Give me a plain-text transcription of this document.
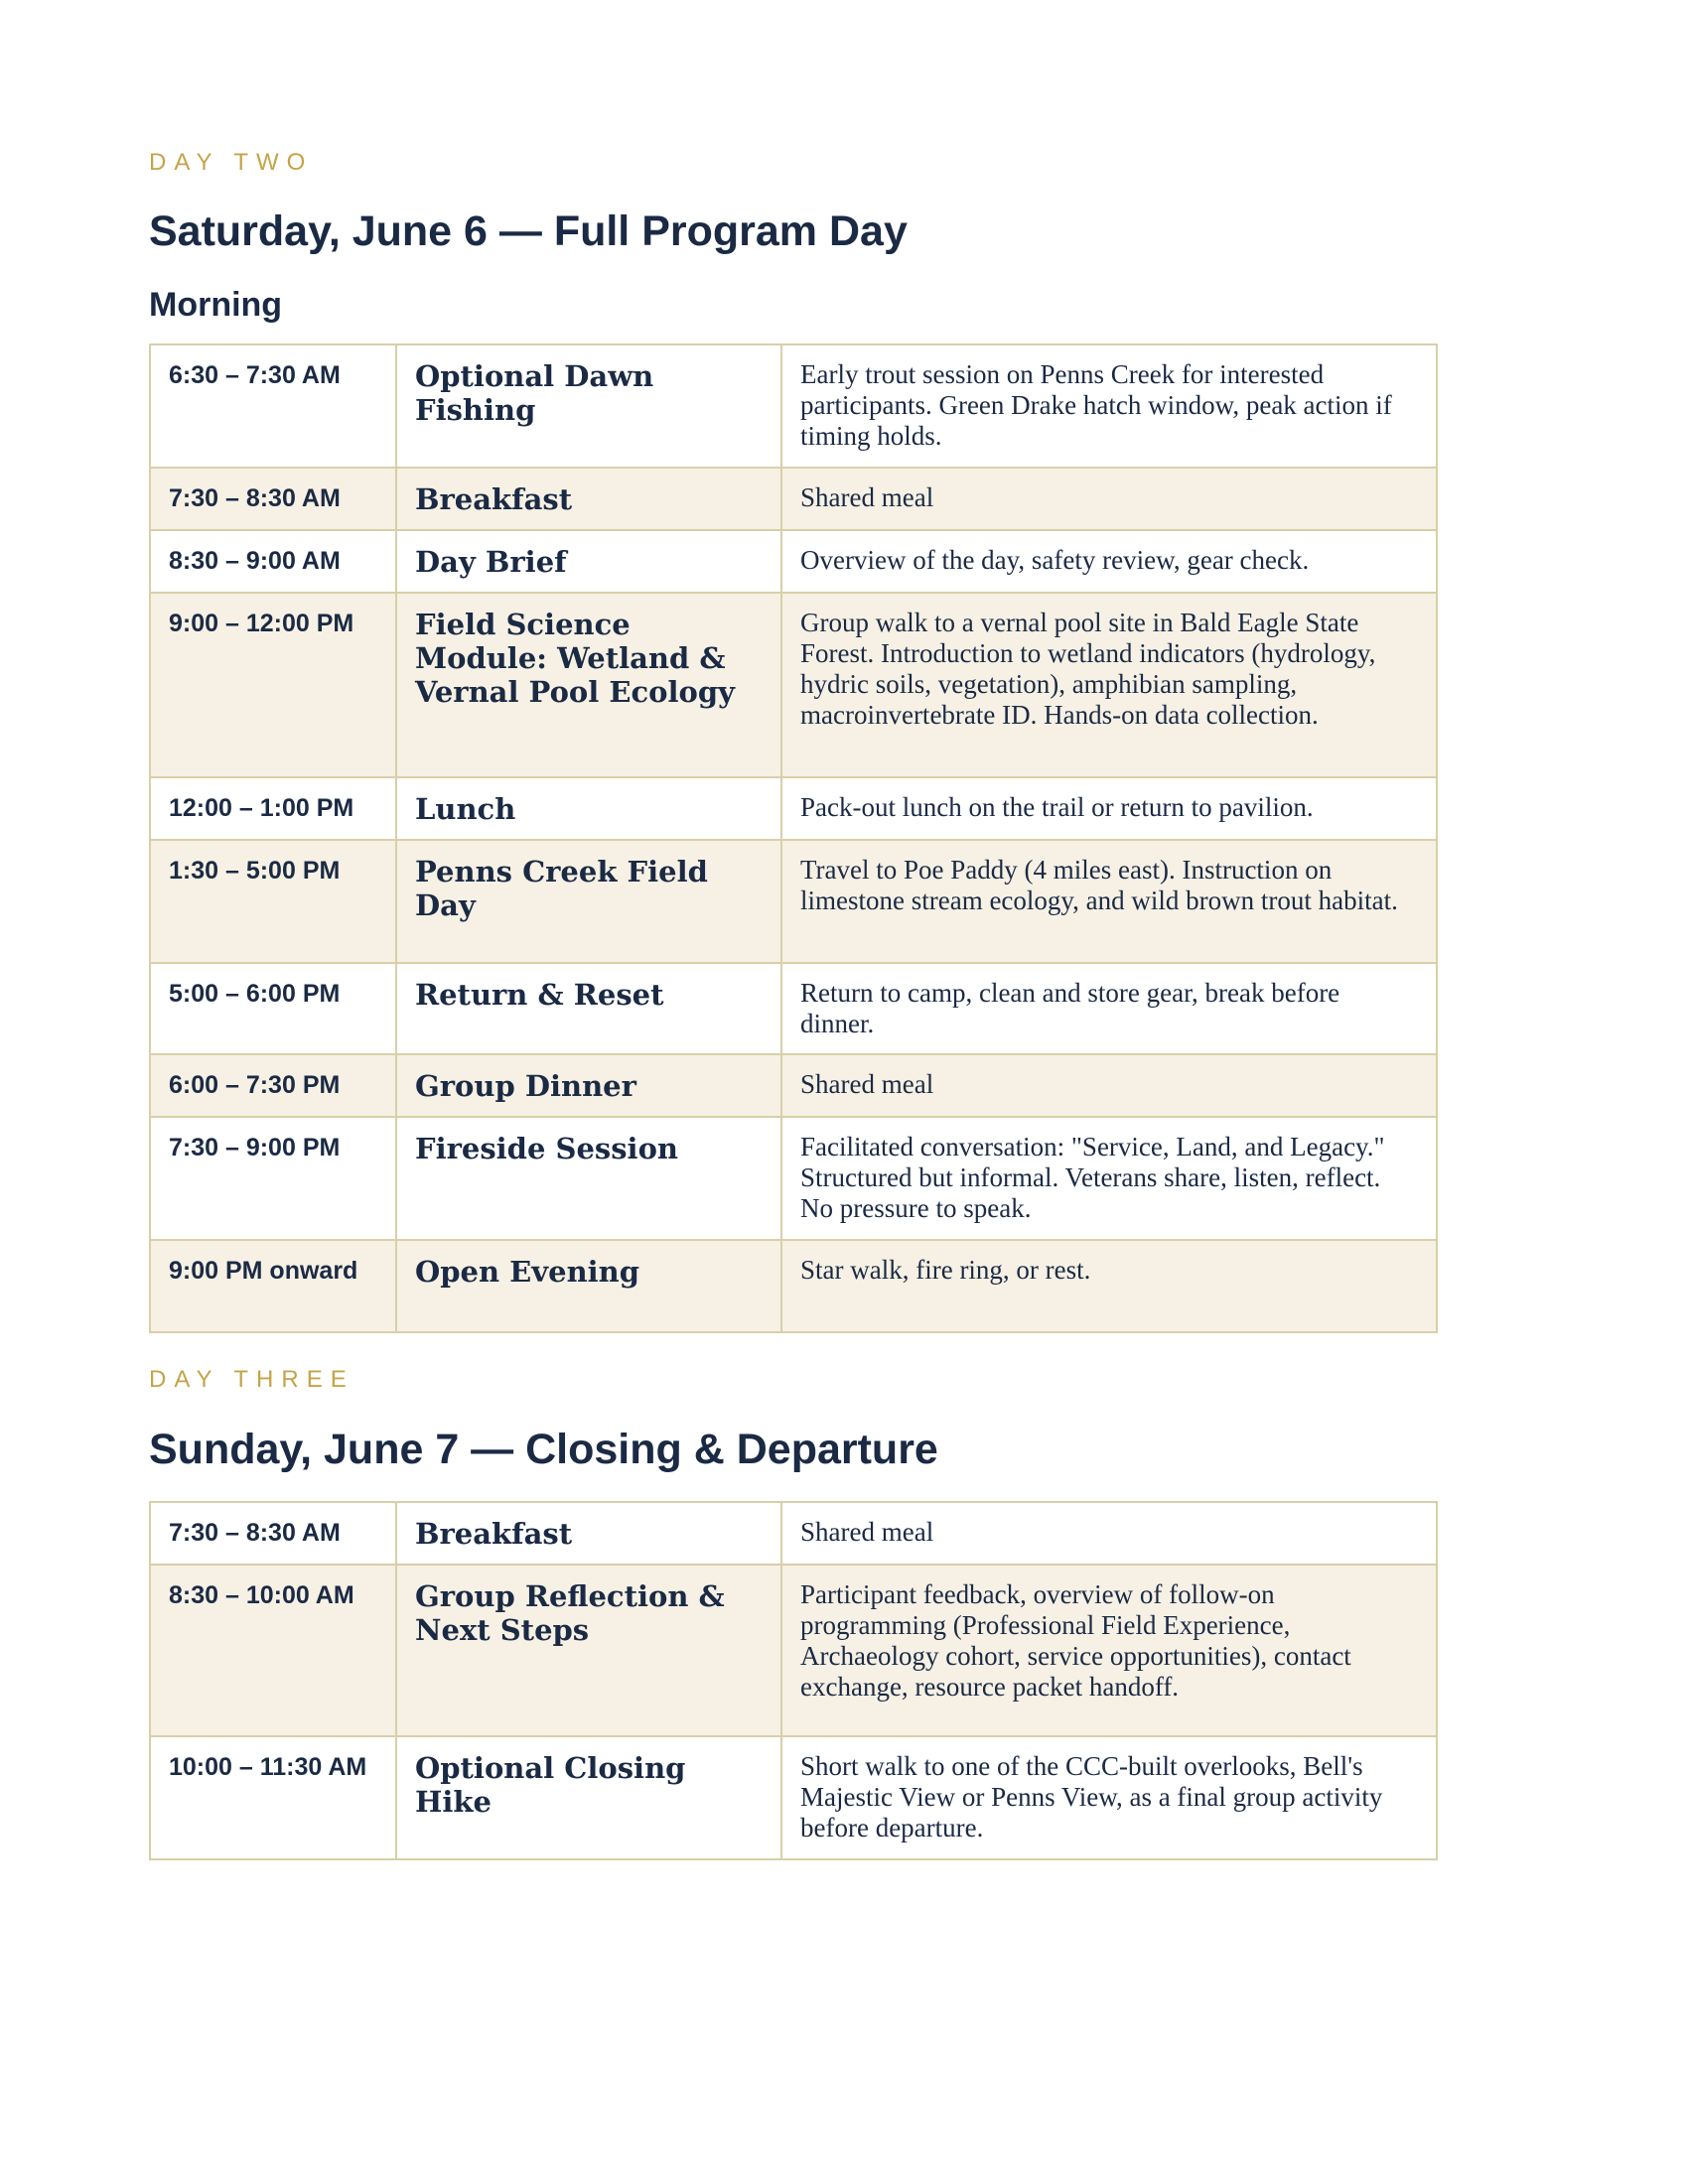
DAY TWO
Saturday, June 6 — Full Program Day
Morning
6:30 – 7:30 AM	Optional Dawn Fishing	Early trout session on Penns Creek for interested participants. Green Drake hatch window, peak action if timing holds.
7:30 – 8:30 AM	Breakfast	Shared meal
8:30 – 9:00 AM	Day Brief	Overview of the day, safety review, gear check.
9:00 – 12:00 PM	Field Science Module: Wetland & Vernal Pool Ecology	Group walk to a vernal pool site in Bald Eagle State Forest. Introduction to wetland indicators (hydrology, hydric soils, vegetation), amphibian sampling, macroinvertebrate ID. Hands-on data collection.
12:00 – 1:00 PM	Lunch	Pack-out lunch on the trail or return to pavilion.
1:30 – 5:00 PM	Penns Creek Field Day	Travel to Poe Paddy (4 miles east). Instruction on limestone stream ecology, and wild brown trout habitat.
5:00 – 6:00 PM	Return & Reset	Return to camp, clean and store gear, break before dinner.
6:00 – 7:30 PM	Group Dinner	Shared meal
7:30 – 9:00 PM	Fireside Session	Facilitated conversation: "Service, Land, and Legacy." Structured but informal. Veterans share, listen, reflect. No pressure to speak.
9:00 PM onward	Open Evening	Star walk, fire ring, or rest.
DAY THREE
Sunday, June 7 — Closing & Departure
7:30 – 8:30 AM	Breakfast	Shared meal
8:30 – 10:00 AM	Group Reflection & Next Steps	Participant feedback, overview of follow-on programming (Professional Field Experience, Archaeology cohort, service opportunities), contact exchange, resource packet handoff.
10:00 – 11:30 AM	Optional Closing Hike	Short walk to one of the CCC-built overlooks, Bell's Majestic View or Penns View, as a final group activity before departure.
